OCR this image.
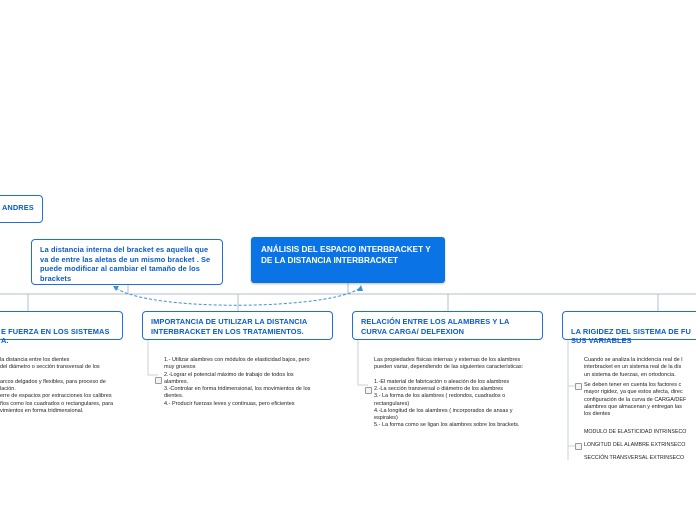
ANDRES
La distancia interna del bracket es aquella que va de entre las aletas de un mismo bracket . Se puede modificar al cambiar el tamaño de los brackets
ANÁLISIS DEL ESPACIO INTERBRACKET Y DE LA DISTANCIA INTERBRACKET

E FUERZA EN LOS SISTEMAS
A.

la distancia entre los dientes
del diámetro o sección transversal de los

arcos delgados y flexibles, para proceso de
lación.
erre de espacios por extracciones los calibres
ños como los cuadrados o rectangulares, para
vimientos en forma tridimensional.
IMPORTANCIA DE UTILIZAR LA DISTANCIA INTERBRACKET EN LOS TRATAMIENTOS.
1.- Utilizar alambres con módulos de elasticidad bajos, pero
muy gruesos
2.-Lograr el potencial máximo de trabajo de todos los
alambres.
3.-Controlar en forma tridimensional, los movimientos de los
dientes.
4.- Producir fuerzas leves y continuas, pero eficientes
RELACIÓN ENTRE LOS ALAMBRES Y LA CURVA CARGA/ DELFEXION
Las propiedades físicas internas y externas de los alambres
pueden variar, dependiendo de las siguientes características:

1.-El material de fabricación o aleación de los alambres
2.-La sección transversal o diámetro de los alambres
3.- La forma de los alambres ( redondos, cuadrados o
rectangulares)
4.-La longitud de los alambres ( incorporados de ansas y
espirales)
5.- La forma como se ligan los alambres sobre los brackets.

LA RIGIDEZ DEL SISTEMA DE FU
SUS VARIABLES

Cuando se analiza la incidencia real de l
interbracket en un sistema real de la dis
un sistema de fuerzas, en ortodoncia.
Se deben tener en cuenta los factores c
mayor rigidez, ya que estos afecta, direc
configuración de la curva de CARGA/DEF
alambres que almacenan y entregan las
los dientes
MODULO DE ELASTICIDAD INTRINSECO
LONGITUD DEL ALAMBRE EXTRINSECO
SECCIÓN TRANSVERSAL EXTRINSECO
